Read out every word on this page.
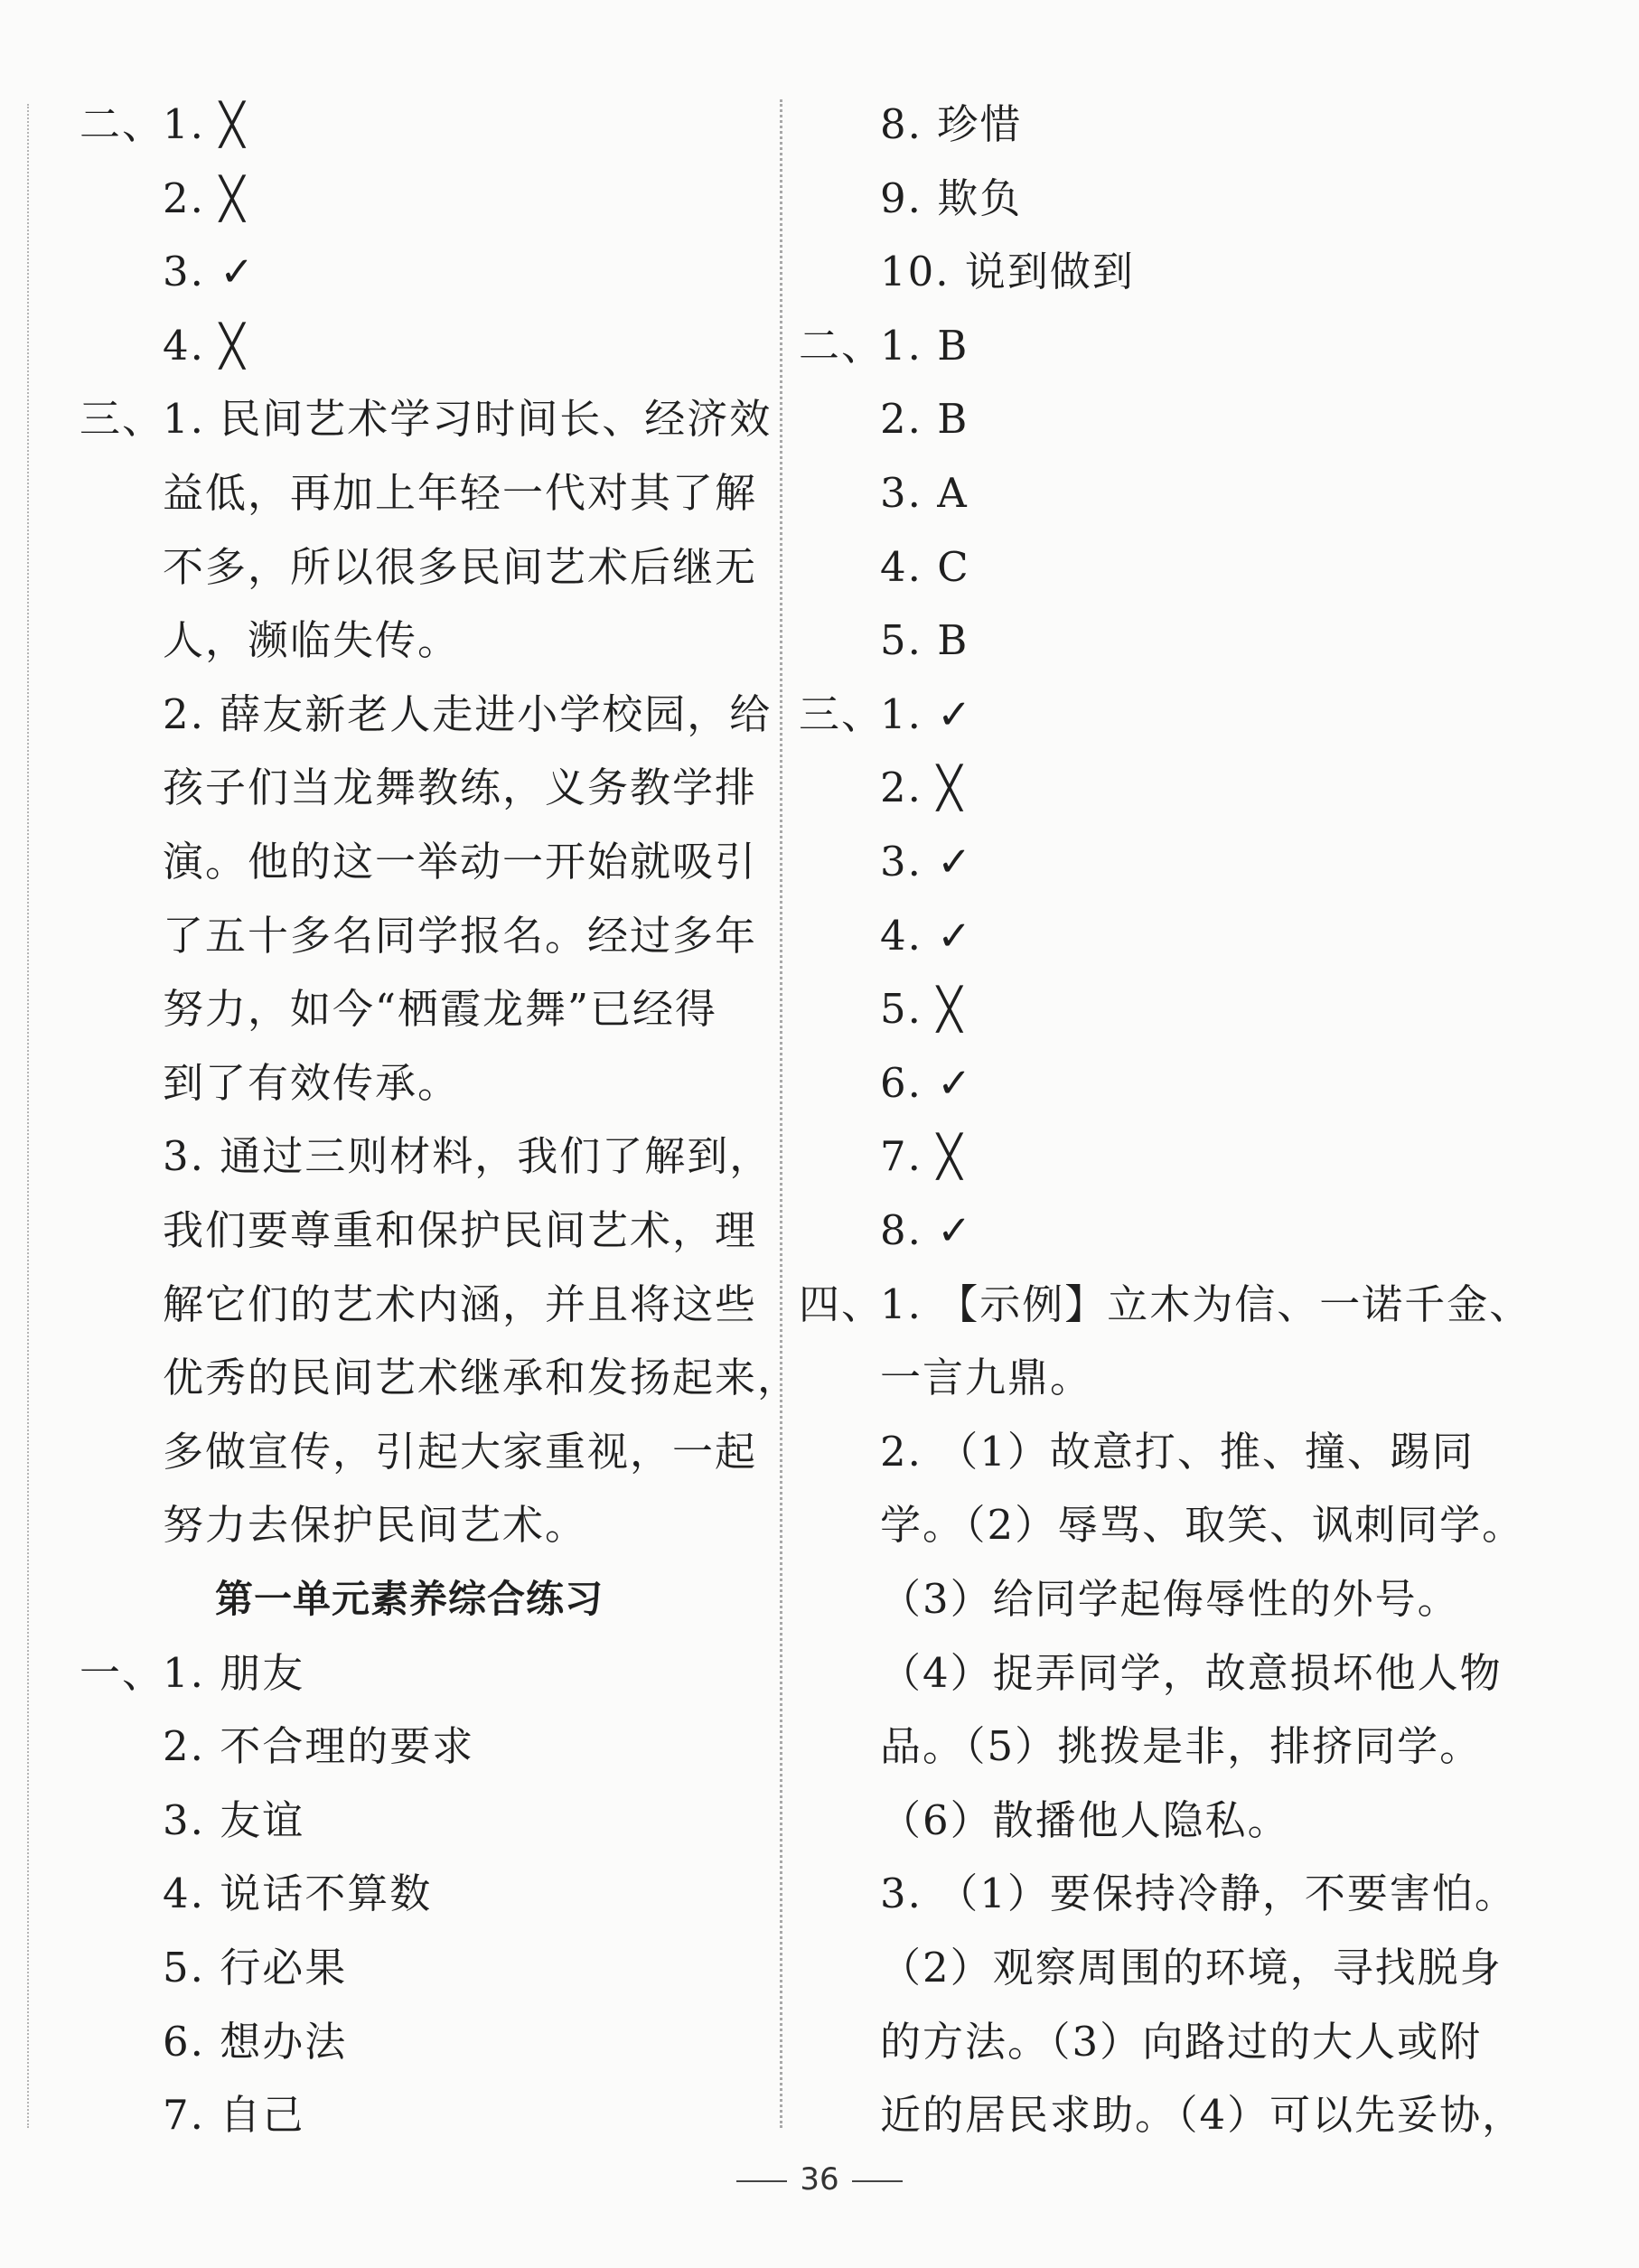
二、
1. ╳
2. ╳
3. ✓
4. ╳
三、
1. 民间艺术学习时间长、经济效
益低，再加上年轻一代对其了解
不多，所以很多民间艺术后继无
人，濒临失传。
2. 薛友新老人走进小学校园，给
孩子们当龙舞教练，义务教学排
演。他的这一举动一开始就吸引
了五十多名同学报名。经过多年
努力，如今“栖霞龙舞”已经得
到了有效传承。
3. 通过三则材料，我们了解到，
我们要尊重和保护民间艺术，理
解它们的艺术内涵，并且将这些
优秀的民间艺术继承和发扬起来，
多做宣传，引起大家重视，一起
努力去保护民间艺术。
第一单元素养综合练习
一、
1. 朋友
2. 不合理的要求
3. 友谊
4. 说话不算数
5. 行必果
6. 想办法
7. 自己
8. 珍惜
9. 欺负
10. 说到做到
二、
1. B
2. B
3. A
4. C
5. B
三、
1. ✓
2. ╳
3. ✓
4. ✓
5. ╳
6. ✓
7. ╳
8. ✓
四、
1. 【示例】立木为信、一诺千金、
一言九鼎。
2. （1）故意打、推、撞、踢同
学。（2）辱骂、取笑、讽刺同学。
（3）给同学起侮辱性的外号。
（4）捉弄同学，故意损坏他人物
品。（5）挑拨是非，排挤同学。
（6）散播他人隐私。
3. （1）要保持冷静，不要害怕。
（2）观察周围的环境，寻找脱身
的方法。（3）向路过的大人或附
近的居民求助。（4）可以先妥协，
36
